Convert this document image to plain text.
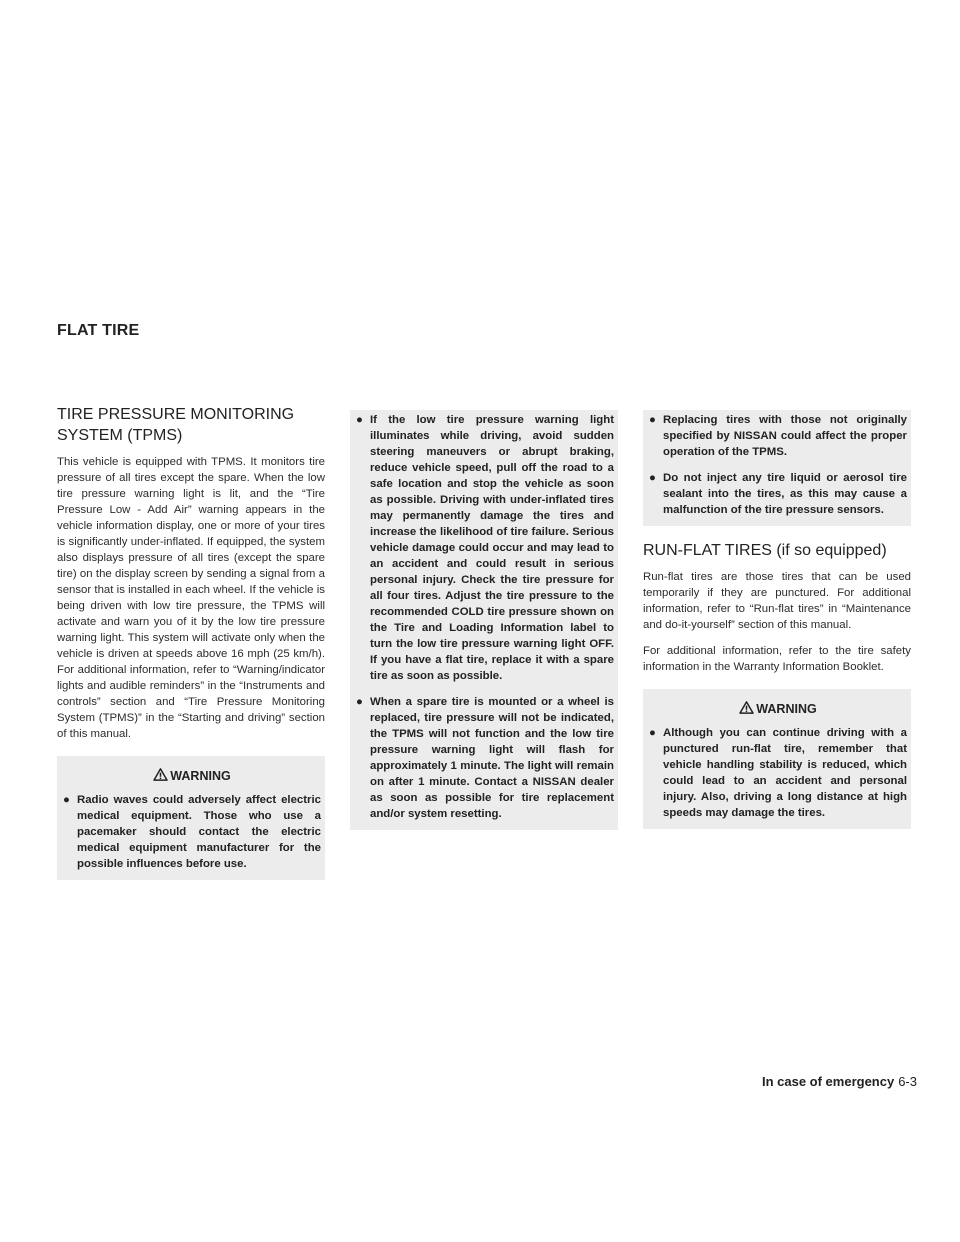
FLAT TIRE
TIRE PRESSURE MONITORING
SYSTEM (TPMS)

This vehicle is equipped with TPMS. It monitors tire pressure of all tires except the spare. When the low tire pressure warning light is lit, and the “Tire Pressure Low - Add Air” warning appears in the vehicle information display, one or more of your tires is significantly under-inflated. If equipped, the system also displays pressure of all tires (except the spare tire) on the display screen by sending a signal from a sensor that is installed in each wheel. If the vehicle is being driven with low tire pressure, the TPMS will activate and warn you of it by the low tire pressure warning light. This system will activate only when the vehicle is driven at speeds above 16 mph (25 km/h). For additional information, refer to “Warning/indicator lights and audible reminders” in the “Instruments and controls” section and “Tire Pressure Monitoring System (TPMS)” in the “Starting and driving” section of this manual.

WARNING
● Radio waves could adversely affect electric medical equipment. Those who use a pacemaker should contact the electric medical equipment manufacturer for the possible influences before use.
● If the low tire pressure warning light illuminates while driving, avoid sudden steering maneuvers or abrupt braking, reduce vehicle speed, pull off the road to a safe location and stop the vehicle as soon as possible. Driving with under-inflated tires may permanently damage the tires and increase the likelihood of tire failure. Serious vehicle damage could occur and may lead to an accident and could result in serious personal injury. Check the tire pressure for all four tires. Adjust the tire pressure to the recommended COLD tire pressure shown on the Tire and Loading Information label to turn the low tire pressure warning light OFF. If you have a flat tire, replace it with a spare tire as soon as possible.
● When a spare tire is mounted or a wheel is replaced, tire pressure will not be indicated, the TPMS will not function and the low tire pressure warning light will flash for approximately 1 minute. The light will remain on after 1 minute. Contact a NISSAN dealer as soon as possible for tire replacement and/or system resetting.
● Replacing tires with those not originally specified by NISSAN could affect the proper operation of the TPMS.
● Do not inject any tire liquid or aerosol tire sealant into the tires, as this may cause a malfunction of the tire pressure sensors.
RUN-FLAT TIRES (if so equipped)

Run-flat tires are those tires that can be used temporarily if they are punctured. For additional information, refer to “Run-flat tires” in “Maintenance and do-it-yourself” section of this manual.

For additional information, refer to the tire safety information in the Warranty Information Booklet.

WARNING
● Although you can continue driving with a punctured run-flat tire, remember that vehicle handling stability is reduced, which could lead to an accident and personal injury. Also, driving a long distance at high speeds may damage the tires.
In case of emergency 6-3
